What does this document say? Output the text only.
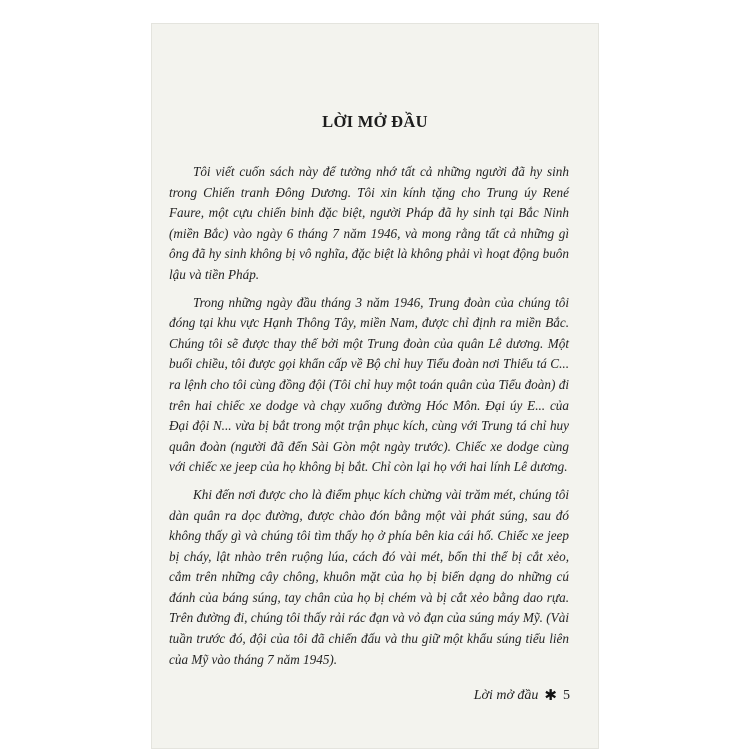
LỜI MỞ ĐẦU

Tôi viết cuốn sách này để tưởng nhớ tất cả những người đã hy sinh trong Chiến tranh Đông Dương. Tôi xin kính tặng cho Trung úy René Faure, một cựu chiến binh đặc biệt, người Pháp đã hy sinh tại Bắc Ninh (miền Bắc) vào ngày 6 tháng 7 năm 1946, và mong rằng tất cả những gì ông đã hy sinh không bị vô nghĩa, đặc biệt là không phải vì hoạt động buôn lậu và tiền Pháp.

Trong những ngày đầu tháng 3 năm 1946, Trung đoàn của chúng tôi đóng tại khu vực Hạnh Thông Tây, miền Nam, được chỉ định ra miền Bắc. Chúng tôi sẽ được thay thế bởi một Trung đoàn của quân Lê dương. Một buổi chiều, tôi được gọi khẩn cấp về Bộ chỉ huy Tiểu đoàn nơi Thiếu tá C... ra lệnh cho tôi cùng đồng đội (Tôi chỉ huy một toán quân của Tiểu đoàn) đi trên hai chiếc xe dodge và chạy xuống đường Hóc Môn. Đại úy E... của Đại đội N... vừa bị bắt trong một trận phục kích, cùng với Trung tá chỉ huy quân đoàn (người đã đến Sài Gòn một ngày trước). Chiếc xe dodge cùng với chiếc xe jeep của họ không bị bắt. Chỉ còn lại họ với hai lính Lê dương.

Khi đến nơi được cho là điểm phục kích chừng vài trăm mét, chúng tôi dàn quân ra dọc đường, được chào đón bằng một vài phát súng, sau đó không thấy gì và chúng tôi tìm thấy họ ở phía bên kia cái hố. Chiếc xe jeep bị cháy, lật nhào trên ruộng lúa, cách đó vài mét, bốn thi thể bị cắt xẻo, cắm trên những cây chông, khuôn mặt của họ bị biến dạng do những cú đánh của báng súng, tay chân của họ bị chém và bị cắt xẻo bằng dao rựa. Trên đường đi, chúng tôi thấy rải rác đạn và vỏ đạn của súng máy Mỹ. (Vài tuần trước đó, đội của tôi đã chiến đấu và thu giữ một khẩu súng tiểu liên của Mỹ vào tháng 7 năm 1945).

Lời mở đầu ✱ 5
